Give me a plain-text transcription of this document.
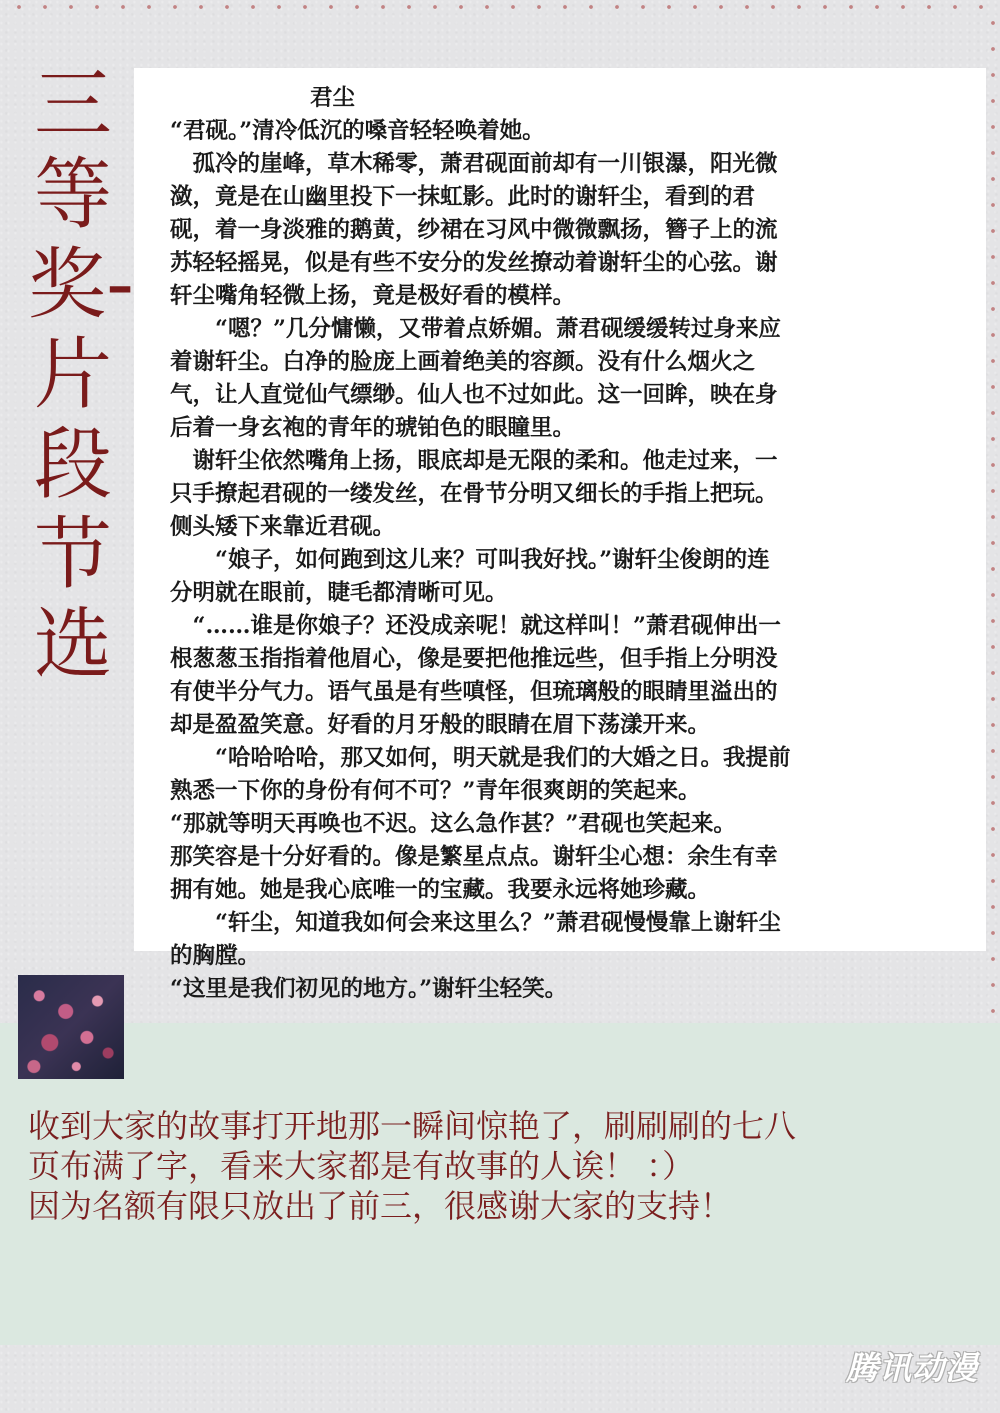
三等奖-片段节选
君尘
“君砚。”清冷低沉的嗓音轻轻唤着她。
　孤冷的崖峰，草木稀零，萧君砚面前却有一川银瀑，阳光微
潋，竟是在山幽里投下一抹虹影。此时的谢轩尘，看到的君
砚，着一身淡雅的鹅黄，纱裙在习风中微微飘扬，簪子上的流
苏轻轻摇晃，似是有些不安分的发丝撩动着谢轩尘的心弦。谢
轩尘嘴角轻微上扬，竟是极好看的模样。
　　“嗯？”几分慵懒，又带着点娇媚。萧君砚缓缓转过身来应
着谢轩尘。白净的脸庞上画着绝美的容颜。没有什么烟火之
气，让人直觉仙气缥缈。仙人也不过如此。这一回眸，映在身
后着一身玄袍的青年的琥铂色的眼瞳里。
　谢轩尘依然嘴角上扬，眼底却是无限的柔和。他走过来，一
只手撩起君砚的一缕发丝，在骨节分明又细长的手指上把玩。
侧头矮下来靠近君砚。
　　“娘子，如何跑到这儿来？可叫我好找。”谢轩尘俊朗的连
分明就在眼前，睫毛都清晰可见。
　“……谁是你娘子？还没成亲呢！就这样叫！”萧君砚伸出一
根葱葱玉指指着他眉心，像是要把他推远些，但手指上分明没
有使半分气力。语气虽是有些嗔怪，但琉璃般的眼睛里溢出的
却是盈盈笑意。好看的月牙般的眼睛在眉下荡漾开来。
　　“哈哈哈哈，那又如何，明天就是我们的大婚之日。我提前
熟悉一下你的身份有何不可？”青年很爽朗的笑起来。
“那就等明天再唤也不迟。这么急作甚？”君砚也笑起来。
那笑容是十分好看的。像是繁星点点。谢轩尘心想：余生有幸
拥有她。她是我心底唯一的宝藏。我要永远将她珍藏。
　　“轩尘，知道我如何会来这里么？”萧君砚慢慢靠上谢轩尘
的胸膛。
“这里是我们初见的地方。”谢轩尘轻笑。
收到大家的故事打开地那一瞬间惊艳了，刷刷刷的七八
页布满了字，看来大家都是有故事的人诶！ ：）
因为名额有限只放出了前三，很感谢大家的支持！
腾讯动漫
